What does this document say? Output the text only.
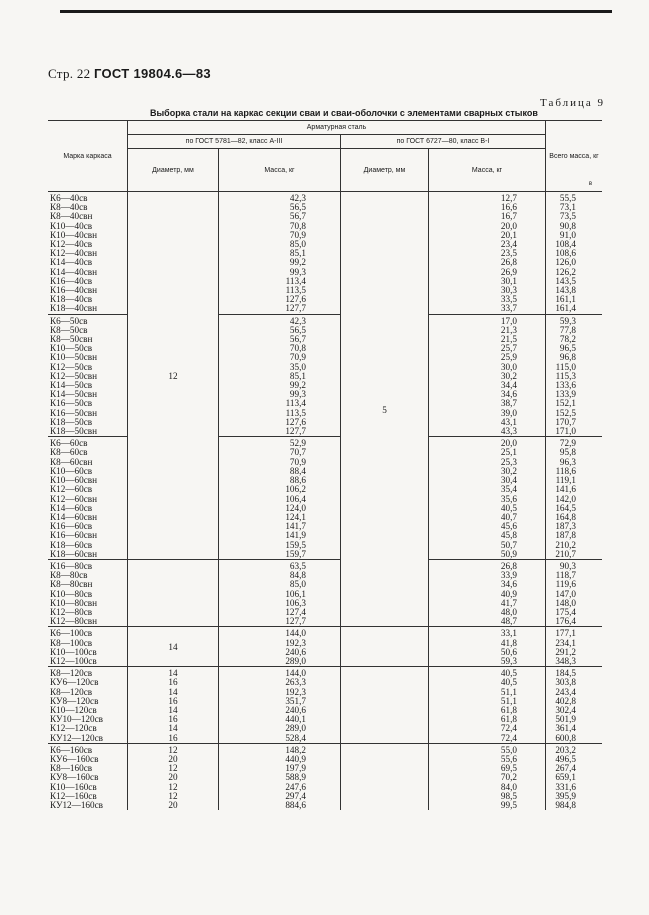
Стр. 22 ГОСТ 19804.6—83
Таблица 9
Выборка стали на каркас секции сваи и сваи-оболочки с элементами сварных стыков
Марка каркаса	Арматурная сталь				Всего масса, кг
в

	по ГОСТ 5781—82, класс А-III		по ГОСТ 6727—80, класс В-I		
	Диаметр, мм	Масса, кг	Диаметр, мм	Масса, кг	
К6—40св	12	42,3	5	12,7	55,5
К8—40св		56,5		16,6	73,1
К8—40свн		56,7		16,7	73,5
К10—40св		70,8		20,0	90,8
К10—40свн		70,9		20,1	91,0
К12—40св		85,0		23,4	108,4
К12—40свн		85,1		23,5	108,6
К14—40св		99,2		26,8	126,0
К14—40свн		99,3		26,9	126,2
К16—40св		113,4		30,1	143,5
К16—40свн		113,5		30,3	143,8
К18—40св		127,6		33,5	161,1
К18—40свн		127,7		33,7	161,4
К6—50св		42,3		17,0	59,3
К8—50св		56,5		21,3	77,8
К8—50свн		56,7		21,5	78,2
К10—50св		70,8		25,7	96,5
К10—50свн		70,9		25,9	96,8
К12—50св		35,0		30,0	115,0
К12—50свн		85,1		30,2	115,3
К14—50св		99,2		34,4	133,6
К14—50свн		99,3		34,6	133,9
К16—50св		113,4		38,7	152,1
К16—50свн		113,5		39,0	152,5
К18—50св		127,6		43,1	170,7
К18—50свн		127,7		43,3	171,0
К6—60св		52,9		20,0	72,9
К8—60св		70,7		25,1	95,8
К8—60свн		70,9		25,3	96,3
К10—60св		88,4		30,2	118,6
К10—60свн		88,6		30,4	119,1
К12—60св		106,2		35,4	141,6
К12—60свн		106,4		35,6	142,0
К14—60св		124,0		40,5	164,5
К14—60свн		124,1		40,7	164,8
К16—60св		141,7		45,6	187,3
К16—60свн		141,9		45,8	187,8
К18—60св		159,5		50,7	210,2
К18—60свн		159,7		50,9	210,7
К16—80св		63,5		26,8	90,3
К8—80св		84,8		33,9	118,7
К8—80свн		85,0		34,6	119,6
К10—80св		106,1		40,9	147,0
К10—80свн		106,3		41,7	148,0
К12—80св		127,4		48,0	175,4
К12—80свн		127,7		48,7	176,4
К6—100св	14	144,0		33,1	177,1
К8—100св		192,3		41,8	234,1
К10—100св		240,6		50,6	291,2
К12—100св		289,0		59,3	348,3
К8—120св	14	144,0		40,5	184,5
КУ6—120св	16	263,3		40,5	303,8
К8—120св	14	192,3		51,1	243,4
КУ8—120св	16	351,7		51,1	402,8
К10—120св	14	240,6		61,8	302,4
КУ10—120св	16	440,1		61,8	501,9
К12—120св	14	289,0		72,4	361,4
КУ12—120св	16	528,4		72,4	600,8
К6—160св	12	148,2		55,0	203,2
КУ6—160св	20	440,9		55,6	496,5
К8—160св	12	197,9		69,5	267,4
КУ8—160св	20	588,9		70,2	659,1
К10—160св	12	247,6		84,0	331,6
К12—160св	12	297,4		98,5	395,9
КУ12—160св	20	884,6		99,5	984,8
